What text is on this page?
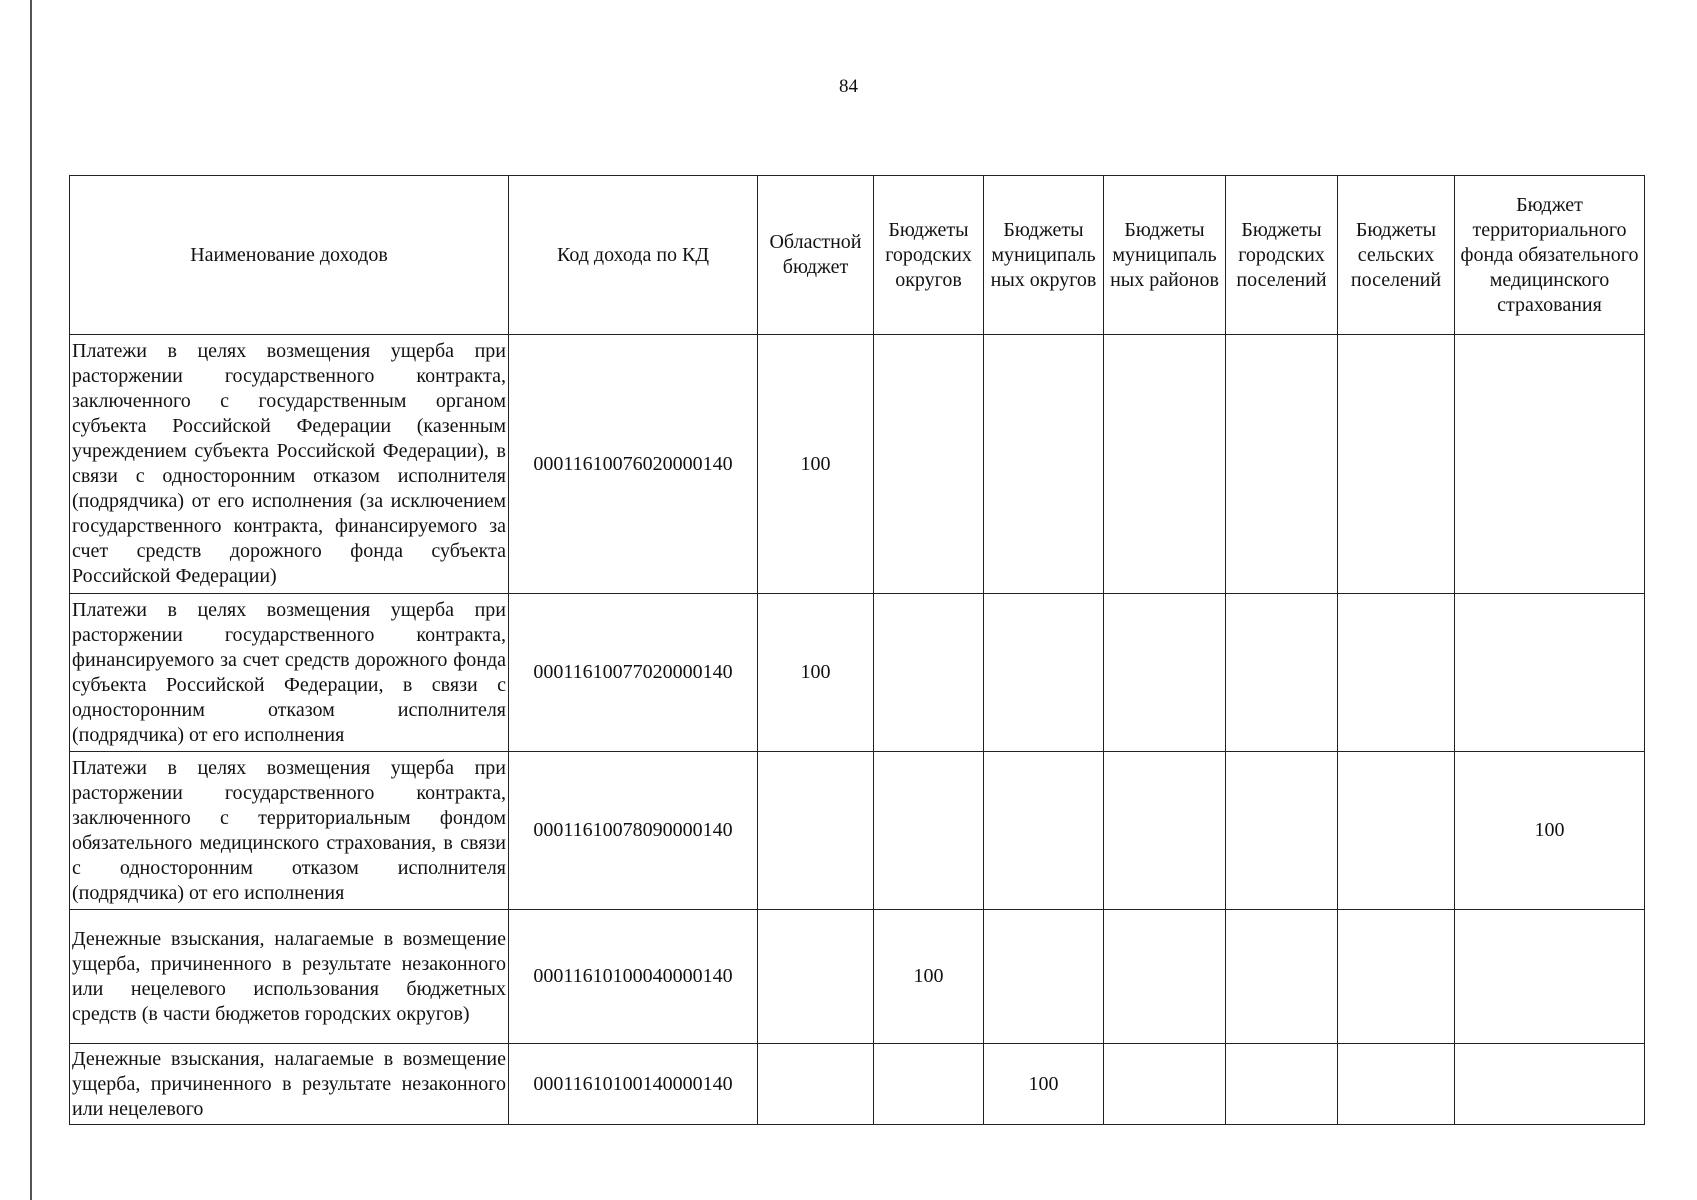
84
Наименование доходов	Код дохода по КД	Областной бюджет	Бюджеты городских округов	Бюджеты муниципаль ных округов	Бюджеты муниципаль ных районов	Бюджеты городских поселений	Бюджеты сельских поселений	Бюджет территориального фонда обязательного медицинского страхования
Платежи в целях возмещения ущерба при расторжении государственного контракта, заключенного с государственным органом субъекта Российской Федерации (казенным учреждением субъекта Российской Федерации), в связи с односторонним отказом исполнителя (подрядчика) от его исполнения (за исключением государственного контракта, финансируемого за счет средств дорожного фонда субъекта Российской Федерации)	00011610076020000140	100						
Платежи в целях возмещения ущерба при расторжении государственного контракта, финансируемого за счет средств дорожного фонда субъекта Российской Федерации, в связи с односторонним отказом исполнителя (подрядчика) от его исполнения	00011610077020000140	100						
Платежи в целях возмещения ущерба при расторжении государственного контракта, заключенного с территориальным фондом обязательного медицинского страхования, в связи с односторонним отказом исполнителя (подрядчика) от его исполнения	00011610078090000140							100
Денежные взыскания, налагаемые в возмещение ущерба, причиненного в результате незаконного или нецелевого использования бюджетных средств (в части бюджетов городских округов)	00011610100040000140		100					

Денежные взыскания, налагаемые в возмещение ущерба, причиненного в результате незаконного или нецелевого	00011610100140000140			100				
